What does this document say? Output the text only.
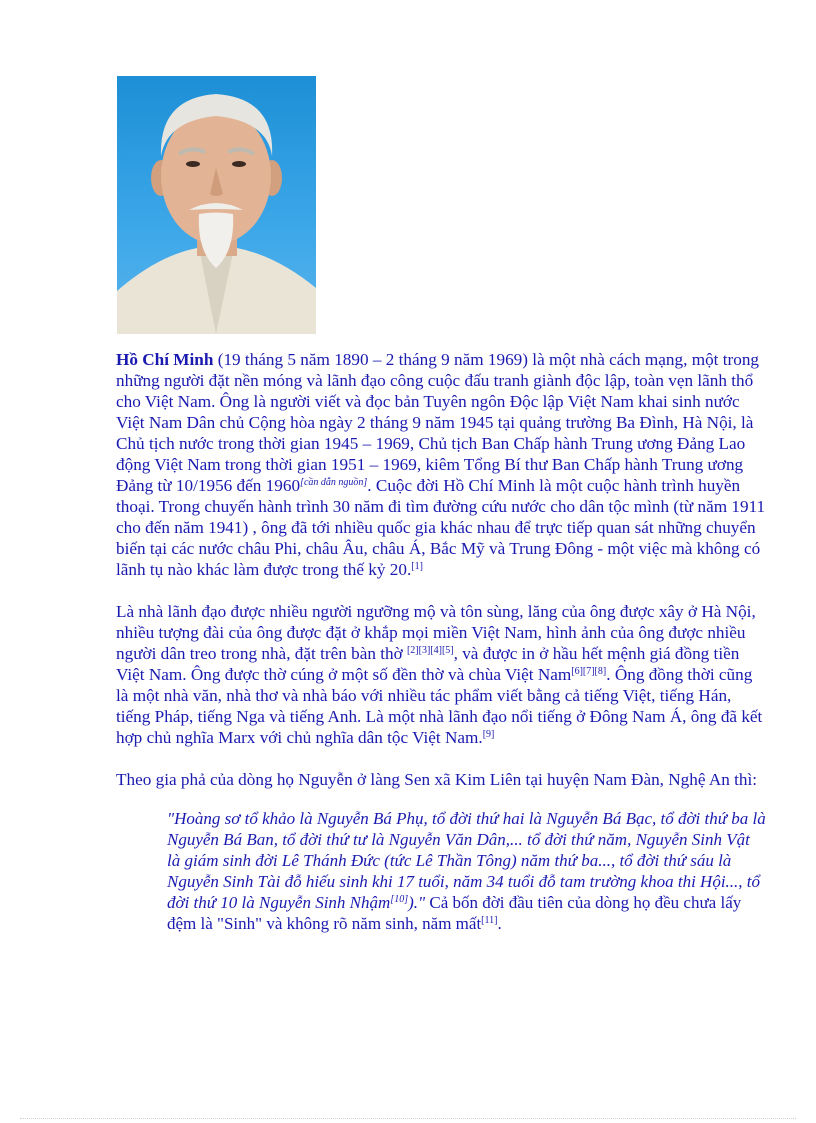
Hồ Chí Minh (19 tháng 5 năm 1890 – 2 tháng 9 năm 1969) là một nhà cách mạng, một trong những người đặt nền móng và lãnh đạo công cuộc đấu tranh giành độc lập, toàn vẹn lãnh thổ cho Việt Nam. Ông là người viết và đọc bản Tuyên ngôn Độc lập Việt Nam khai sinh nước Việt Nam Dân chủ Cộng hòa ngày 2 tháng 9 năm 1945 tại quảng trường Ba Đình, Hà Nội, là Chủ tịch nước trong thời gian 1945 – 1969, Chủ tịch Ban Chấp hành Trung ương Đảng Lao động Việt Nam trong thời gian 1951 – 1969, kiêm Tổng Bí thư Ban Chấp hành Trung ương Đảng từ 10/1956 đến 1960[cần dẫn nguồn]. Cuộc đời Hồ Chí Minh là một cuộc hành trình huyền thoại. Trong chuyến hành trình 30 năm đi tìm đường cứu nước cho dân tộc mình (từ năm 1911 cho đến năm 1941) , ông đã tới nhiều quốc gia khác nhau để trực tiếp quan sát những chuyển biến tại các nước châu Phi, châu Âu, châu Á, Bắc Mỹ và Trung Đông - một việc mà không có lãnh tụ nào khác làm được trong thế kỷ 20.[1]

Là nhà lãnh đạo được nhiều người ngưỡng mộ và tôn sùng, lăng của ông được xây ở Hà Nội, nhiều tượng đài của ông được đặt ở khắp mọi miền Việt Nam, hình ảnh của ông được nhiều người dân treo trong nhà, đặt trên bàn thờ [2][3][4][5], và được in ở hầu hết mệnh giá đồng tiền Việt Nam. Ông được thờ cúng ở một số đền thờ và chùa Việt Nam[6][7][8]. Ông đồng thời cũng là một nhà văn, nhà thơ và nhà báo với nhiều tác phẩm viết bằng cả tiếng Việt, tiếng Hán, tiếng Pháp, tiếng Nga và tiếng Anh. Là một nhà lãnh đạo nổi tiếng ở Đông Nam Á, ông đã kết hợp chủ nghĩa Marx với chủ nghĩa dân tộc Việt Nam.[9]

Theo gia phả của dòng họ Nguyễn ở làng Sen xã Kim Liên tại huyện Nam Đàn, Nghệ An thì:

"Hoàng sơ tổ khảo là Nguyễn Bá Phụ, tổ đời thứ hai là Nguyễn Bá Bạc, tổ đời thứ ba là Nguyễn Bá Ban, tổ đời thứ tư là Nguyễn Văn Dân,... tổ đời thứ năm, Nguyễn Sinh Vật là giám sinh đời Lê Thánh Đức (tức Lê Thần Tông) năm thứ ba..., tổ đời thứ sáu là Nguyễn Sinh Tài đỗ hiếu sinh khi 17 tuổi, năm 34 tuổi đỗ tam trường khoa thi Hội..., tổ đời thứ 10 là Nguyễn Sinh Nhậm[10])." Cả bốn đời đầu tiên của dòng họ đều chưa lấy đệm là "Sinh" và không rõ năm sinh, năm mất[11].
